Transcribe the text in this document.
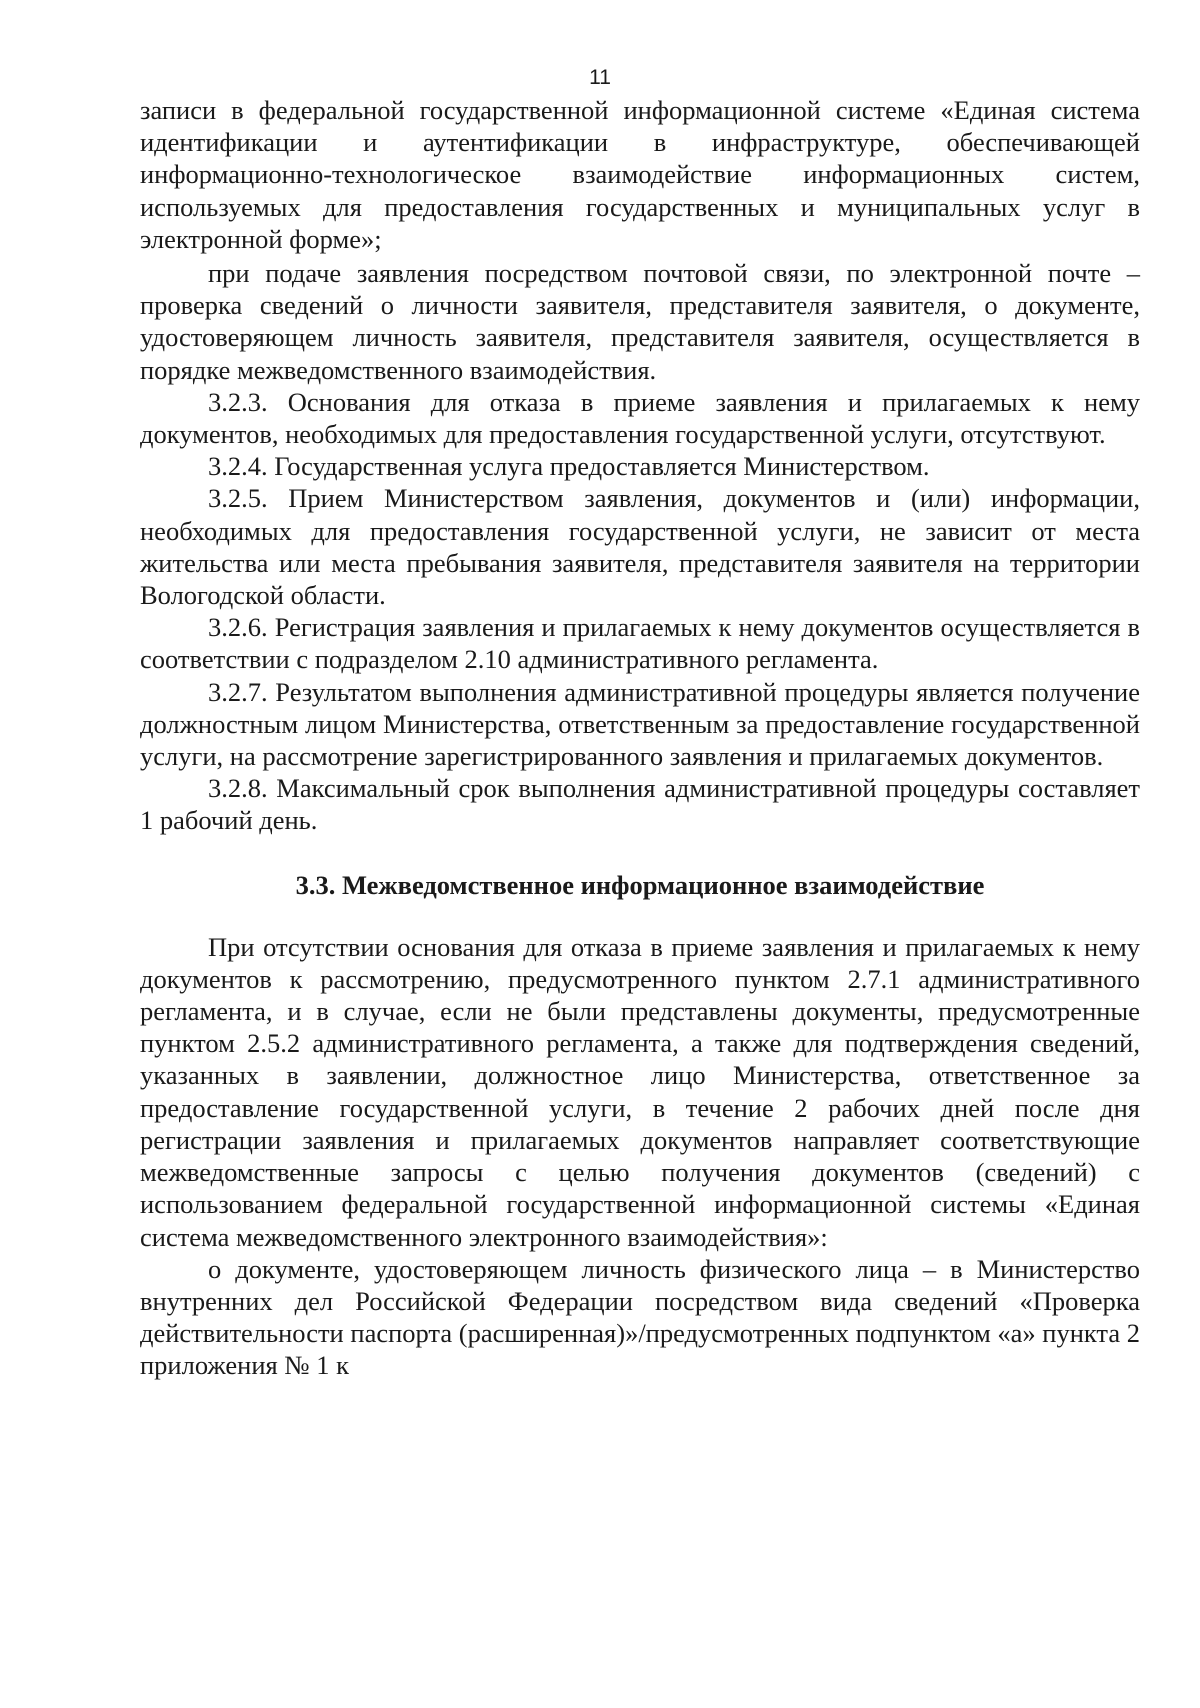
11

записи в федеральной государственной информационной системе «Единая система идентификации и аутентификации в инфраструктуре, обеспечивающей информационно-технологическое взаимодействие информационных систем, используемых для предоставления государственных и муниципальных услуг в электронной форме»;

при подаче заявления посредством почтовой связи, по электронной почте – проверка сведений о личности заявителя, представителя заявителя, о документе, удостоверяющем личность заявителя, представителя заявителя, осуществляется в порядке межведомственного взаимодействия.

3.2.3. Основания для отказа в приеме заявления и прилагаемых к нему документов, необходимых для предоставления государственной услуги, отсутствуют.

3.2.4. Государственная услуга предоставляется Министерством.

3.2.5. Прием Министерством заявления, документов и (или) информации, необходимых для предоставления государственной услуги, не зависит от места жительства или места пребывания заявителя, представителя заявителя на территории Вологодской области.

3.2.6. Регистрация заявления и прилагаемых к нему документов осуществляется в соответствии с подразделом 2.10 административного регламента.

3.2.7. Результатом выполнения административной процедуры является получение должностным лицом Министерства, ответственным за предоставление государственной услуги, на рассмотрение зарегистрированного заявления и прилагаемых документов.

3.2.8. Максимальный срок выполнения административной процедуры составляет 1 рабочий день.

3.3. Межведомственное информационное взаимодействие

При отсутствии основания для отказа в приеме заявления и прилагаемых к нему документов к рассмотрению, предусмотренного пунктом 2.7.1 административного регламента, и в случае, если не были представлены документы, предусмотренные пунктом 2.5.2 административного регламента, а также для подтверждения сведений, указанных в заявлении, должностное лицо Министерства, ответственное за предоставление государственной услуги, в течение 2 рабочих дней после дня регистрации заявления и прилагаемых документов направляет соответствующие межведомственные запросы с целью получения документов (сведений) с использованием федеральной государственной информационной системы «Единая система межведомственного электронного взаимодействия»:

о документе, удостоверяющем личность физического лица – в Министерство внутренних дел Российской Федерации посредством вида сведений «Проверка действительности паспорта (расширенная)»/предусмотренных подпунктом «а» пункта 2 приложения № 1 к
